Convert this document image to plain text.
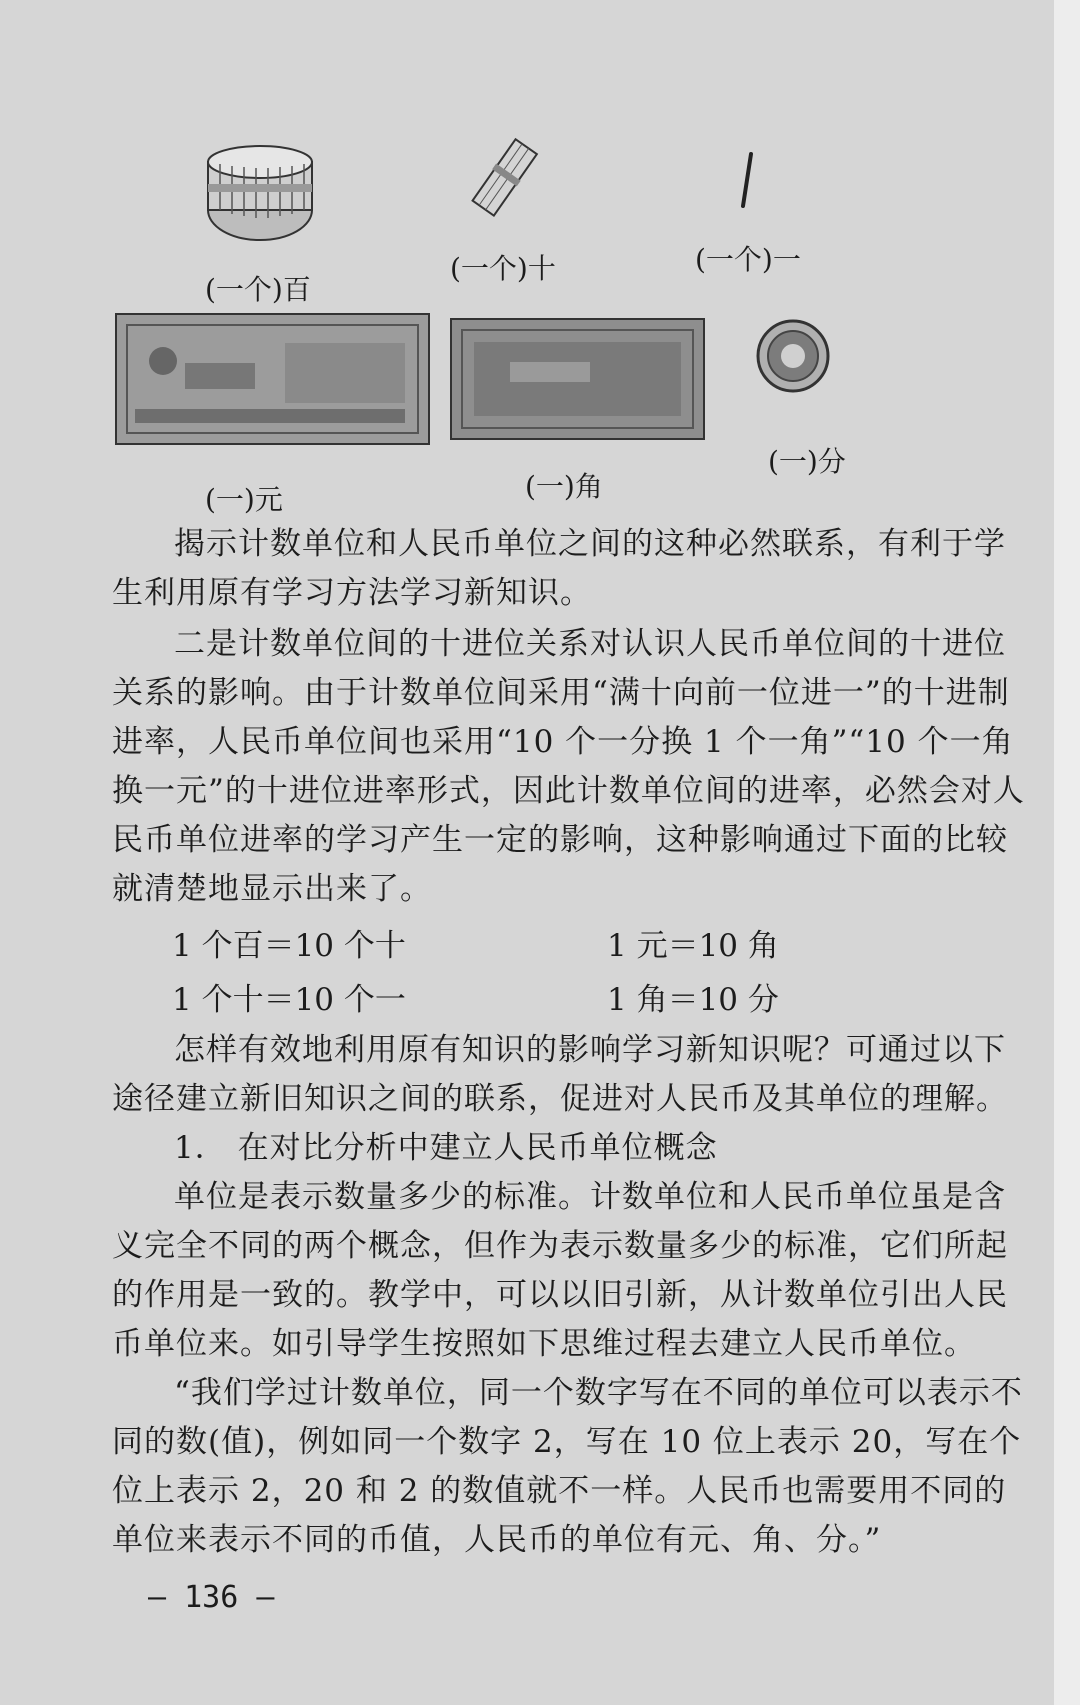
(一个)百
(一个)十	(一个)一
(一)元	(一)角
(一)分

揭示计数单位和人民币单位之间的这种必然联系，有利于学生利用原有学习方法学习新知识。

二是计数单位间的十进位关系对认识人民币单位间的十进位关系的影响。由于计数单位间采用“满十向前一位进一”的十进制进率，人民币单位间也采用“10 个一分换 1 个一角”“10 个一角换一元”的十进位进率形式，因此计数单位间的进率，必然会对人民币单位进率的学习产生一定的影响，这种影响通过下面的比较就清楚地显示出来了。

1 个百＝10 个十	1 元＝10 角
1 个十＝10 个一	1 角＝10 分

怎样有效地利用原有知识的影响学习新知识呢？可通过以下途径建立新旧知识之间的联系，促进对人民币及其单位的理解。

1． 在对比分析中建立人民币单位概念

单位是表示数量多少的标准。计数单位和人民币单位虽是含义完全不同的两个概念，但作为表示数量多少的标准，它们所起的作用是一致的。教学中，可以以旧引新，从计数单位引出人民币单位来。如引导学生按照如下思维过程去建立人民币单位。

“我们学过计数单位，同一个数字写在不同的单位可以表示不同的数(值)，例如同一个数字 2，写在 10 位上表示 20，写在个位上表示 2，20 和 2 的数值就不一样。人民币也需要用不同的单位来表示不同的币值，人民币的单位有元、角、分。”

— 136 —
